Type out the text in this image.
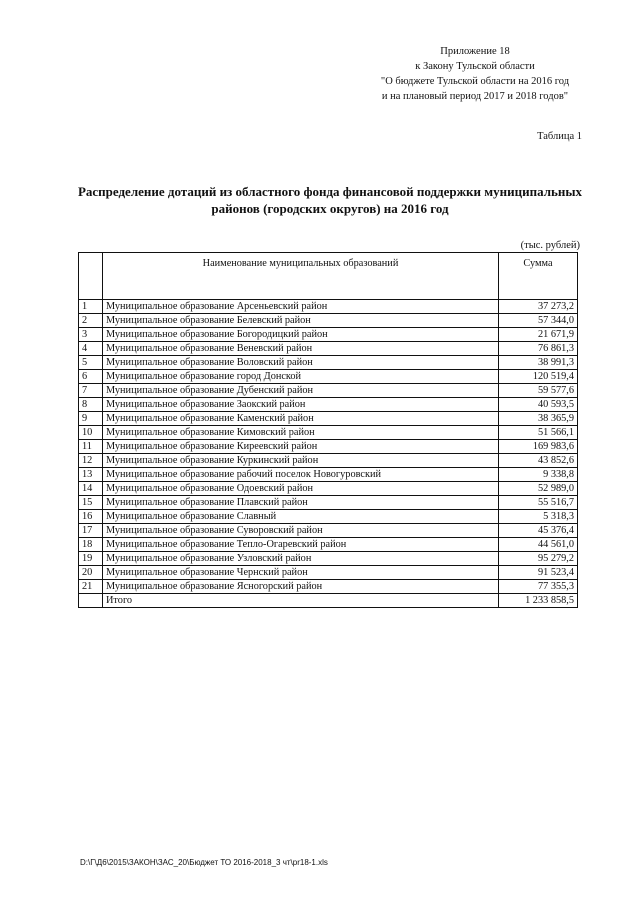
Приложение 18
к Закону Тульской области
"О бюджете Тульской области на 2016 год
и на плановый период 2017 и 2018 годов"
Таблица 1
Распределение дотаций из областного фонда финансовой поддержки муниципальных
районов (городских округов) на 2016 год
(тыс. рублей)
	Наименование муниципальных образований	Сумма
1	Муниципальное образование Арсеньевский район	37 273,2
2	Муниципальное образование Белевский район	57 344,0
3	Муниципальное образование Богородицкий район	21 671,9
4	Муниципальное образование Веневский район	76 861,3
5	Муниципальное образование Воловский район	38 991,3
6	Муниципальное образование город Донской	120 519,4
7	Муниципальное образование Дубенский район	59 577,6
8	Муниципальное образование Заокский район	40 593,5
9	Муниципальное образование Каменский район	38 365,9
10	Муниципальное образование Кимовский район	51 566,1
11	Муниципальное образование Киреевский район	169 983,6
12	Муниципальное образование Куркинский район	43 852,6
13	Муниципальное образование рабочий поселок Новогуровский	9 338,8
14	Муниципальное образование Одоевский район	52 989,0
15	Муниципальное образование Плавский район	55 516,7
16	Муниципальное образование Славный	5 318,3
17	Муниципальное образование Суворовский район	45 376,4
18	Муниципальное образование Тепло-Огаревский район	44 561,0
19	Муниципальное образование Узловский район	95 279,2
20	Муниципальное образование Чернский район	91 523,4
21	Муниципальное образование Ясногорский район	77 355,3
	Итого	1 233 858,5
D:\Г\Д6\2015\ЗАКОН\ЗАС_20\Бюджет ТО 2016-2018_3 чт\pr18-1.xls
